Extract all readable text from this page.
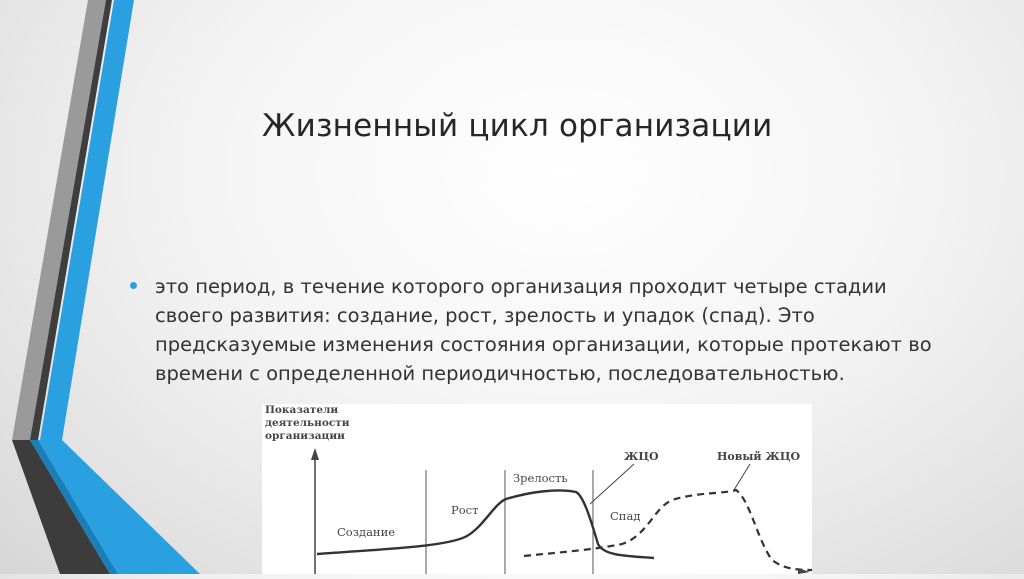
Жизненный цикл организации
это период, в течение которого организация проходит четыре стадии своего развития: создание, рост, зрелость и упадок (спад). Это предсказуемые изменения состояния организации, которые протекают во времени с определенной периодичностью, последовательностью.
Показатели
деятельности
организации
Создание
Рост
Зрелость
Спад
ЖЦО	Новый ЖЦО
